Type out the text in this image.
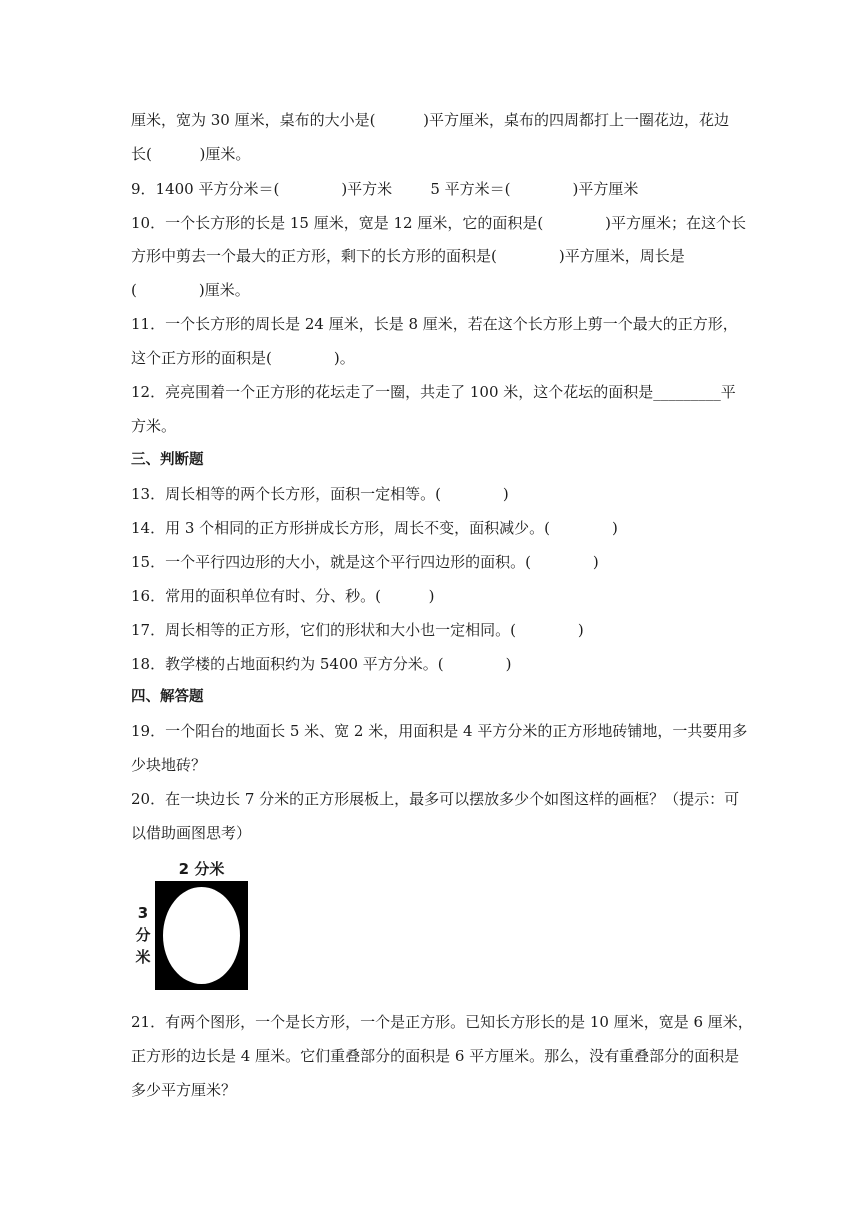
厘米，宽为 30 厘米，桌布的大小是(          )平方厘米，桌布的四周都打上一圈花边，花边
长(          )厘米。
9．1400 平方分米＝(             )平方米        5 平方米＝(             )平方厘米
10．一个长方形的长是 15 厘米，宽是 12 厘米，它的面积是(             )平方厘米；在这个长
方形中剪去一个最大的正方形，剩下的长方形的面积是(             )平方厘米，周长是
(             )厘米。
11．一个长方形的周长是 24 厘米，长是 8 厘米，若在这个长方形上剪一个最大的正方形，
这个正方形的面积是(             )。
12．亮亮围着一个正方形的花坛走了一圈，共走了 100 米，这个花坛的面积是_________平
方米。
三、判断题
13．周长相等的两个长方形，面积一定相等。(             )
14．用 3 个相同的正方形拼成长方形，周长不变，面积减少。(             )
15．一个平行四边形的大小，就是这个平行四边形的面积。(             )
16．常用的面积单位有时、分、秒。(          )
17．周长相等的正方形，它们的形状和大小也一定相同。(             )
18．教学楼的占地面积约为 5400 平方分米。(             )
四、解答题
19．一个阳台的地面长 5 米、宽 2 米，用面积是 4 平方分米的正方形地砖铺地，一共要用多
少块地砖？
20．在一块边长 7 分米的正方形展板上，最多可以摆放多少个如图这样的画框？（提示：可
以借助画图思考）
2 分米
3
分
米
21．有两个图形，一个是长方形，一个是正方形。已知长方形长的是 10 厘米，宽是 6 厘米，
正方形的边长是 4 厘米。它们重叠部分的面积是 6 平方厘米。那么，没有重叠部分的面积是
多少平方厘米？
